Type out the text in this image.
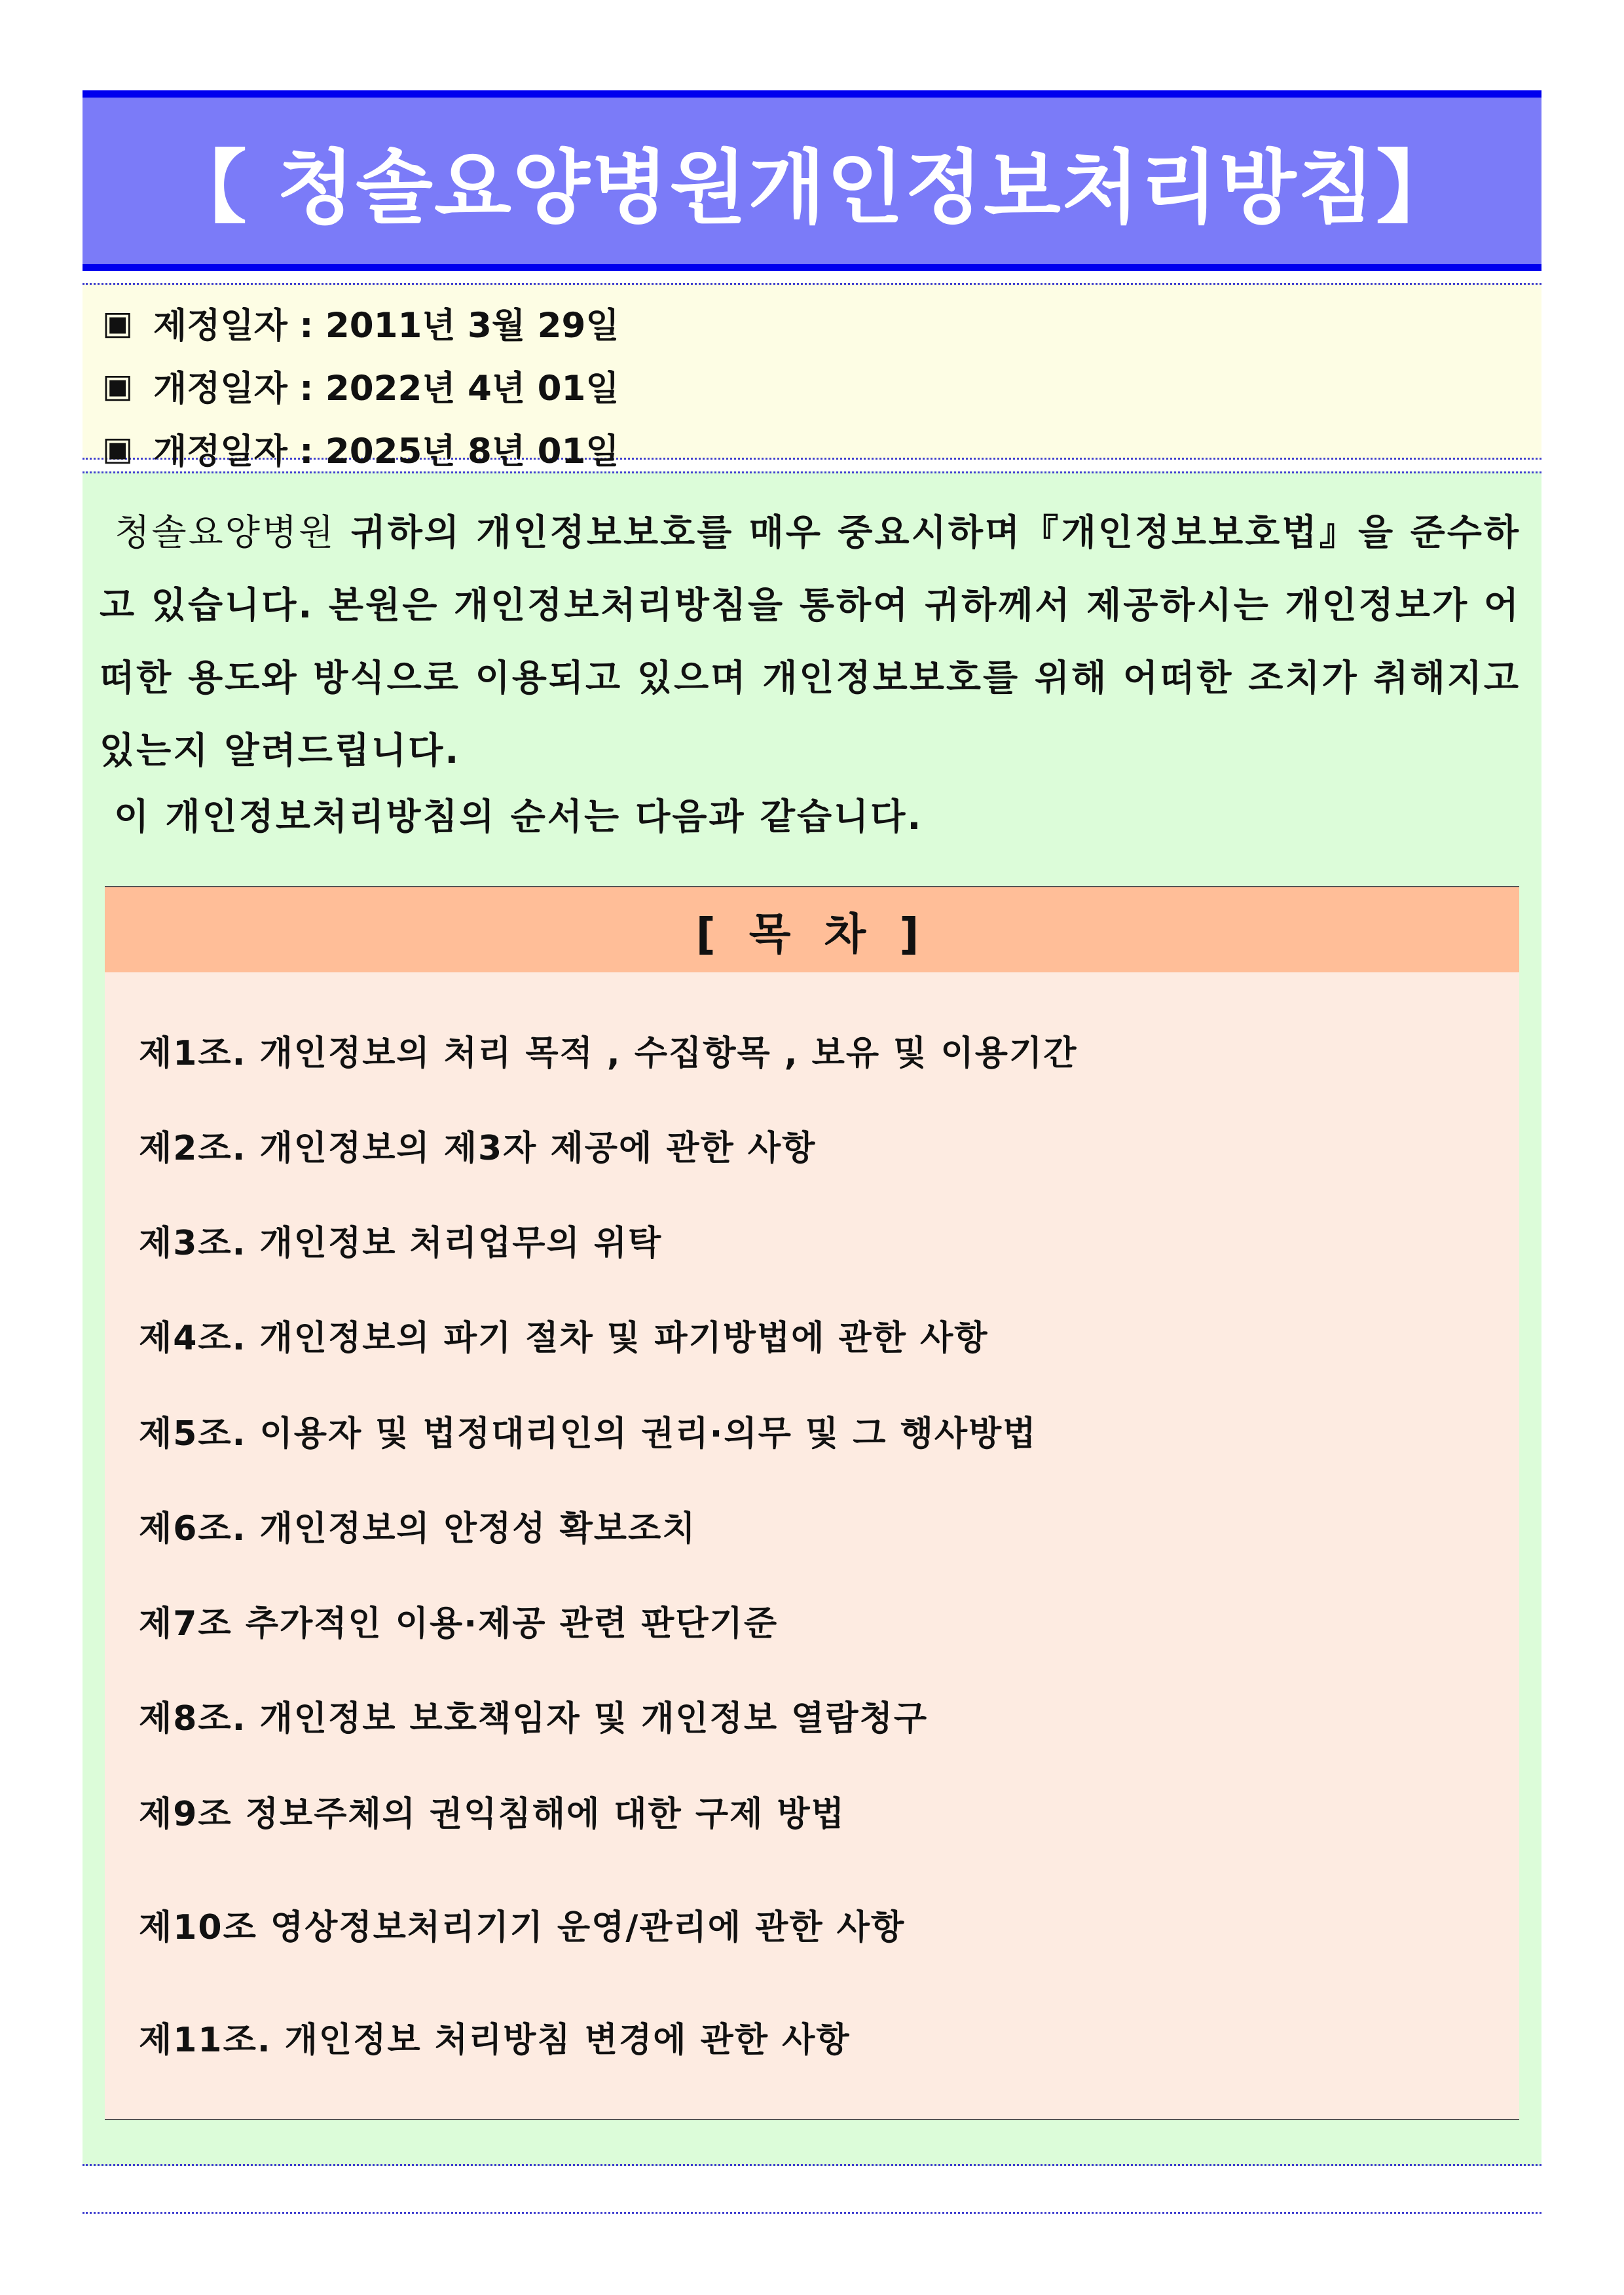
【 청솔요양병원개인정보처리방침】
▣ 제정일자 : 2011년 3월 29일
▣ 개정일자 : 2022년 4년 01일
▣ 개정일자 : 2025년 8년 01일
청솔요양병원 귀하의 개인정보보호를 매우 중요시하며『개인정보보호법』을 준수하고 있습니다. 본원은 개인정보처리방침을 통하여 귀하께서 제공하시는 개인정보가 어떠한 용도와 방식으로 이용되고 있으며 개인정보보호를 위해 어떠한 조치가 취해지고 있는지 알려드립니다.
이 개인정보처리방침의 순서는 다음과 같습니다.
[ 목 차 ]
제1조. 개인정보의 처리 목적 , 수집항목 , 보유 및 이용기간
제2조. 개인정보의 제3자 제공에 관한 사항
제3조. 개인정보 처리업무의 위탁
제4조. 개인정보의 파기 절차 및 파기방법에 관한 사항
제5조. 이용자 및 법정대리인의 권리·의무 및 그 행사방법
제6조. 개인정보의 안정성 확보조치
제7조 추가적인 이용·제공 관련 판단기준
제8조. 개인정보 보호책임자 및 개인정보 열람청구
제9조 정보주체의 권익침해에 대한 구제 방법
제10조 영상정보처리기기 운영/관리에 관한 사항
제11조. 개인정보 처리방침 변경에 관한 사항
